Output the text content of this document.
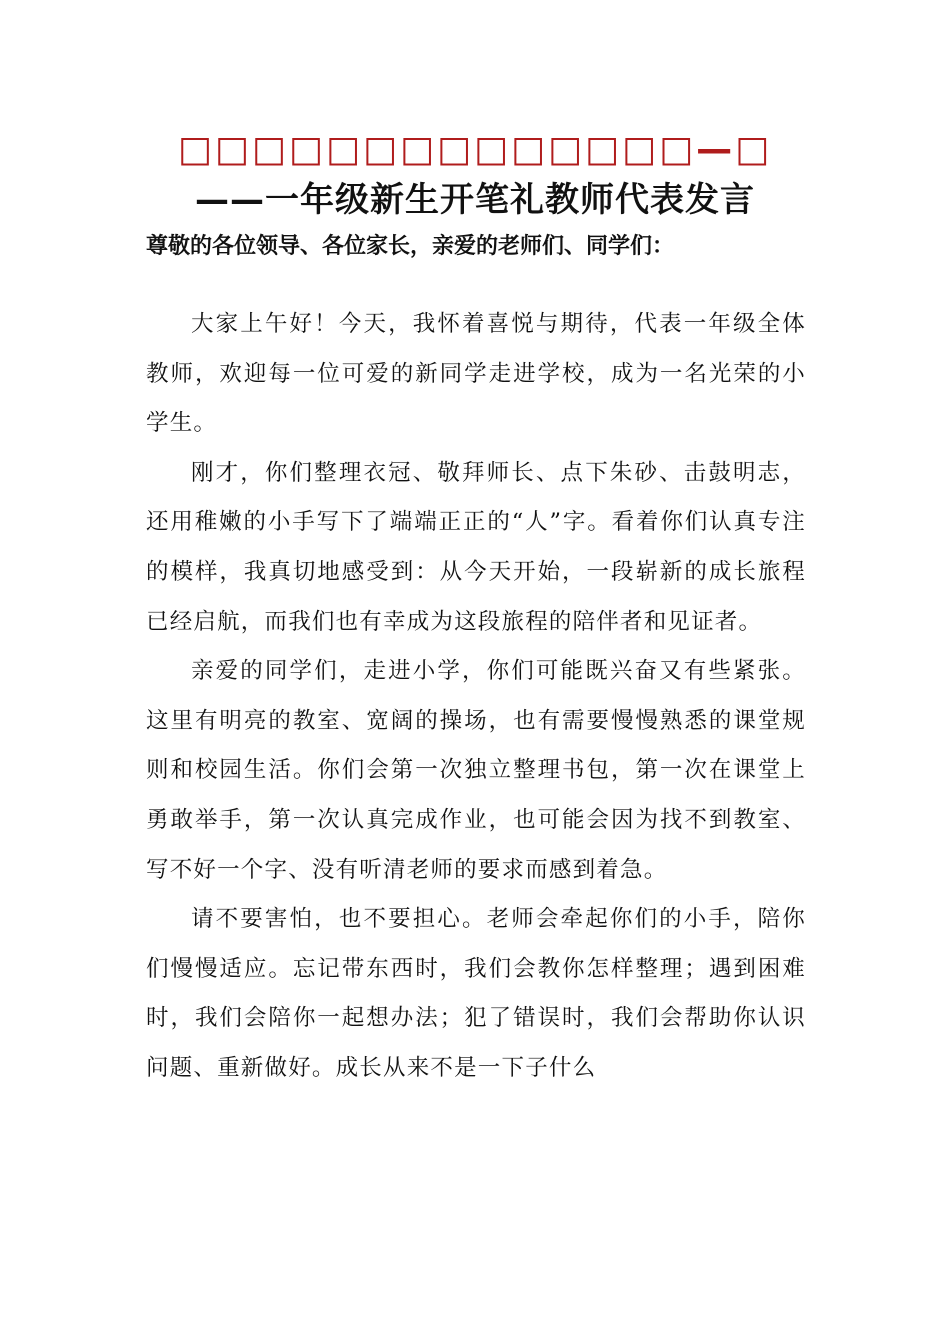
□□□□□□□□□□□□□□—□
——一年级新生开笔礼教师代表发言
尊敬的各位领导、各位家长，亲爱的老师们、同学们：

大家上午好！今天，我怀着喜悦与期待，代表一年级全体教师，欢迎每一位可爱的新同学走进学校，成为一名光荣的小学生。

刚才，你们整理衣冠、敬拜师长、点下朱砂、击鼓明志，还用稚嫩的小手写下了端端正正的“人”字。看着你们认真专注的模样，我真切地感受到：从今天开始，一段崭新的成长旅程已经启航，而我们也有幸成为这段旅程的陪伴者和见证者。

亲爱的同学们，走进小学，你们可能既兴奋又有些紧张。这里有明亮的教室、宽阔的操场，也有需要慢慢熟悉的课堂规则和校园生活。你们会第一次独立整理书包，第一次在课堂上勇敢举手，第一次认真完成作业，也可能会因为找不到教室、写不好一个字、没有听清老师的要求而感到着急。

请不要害怕，也不要担心。老师会牵起你们的小手，陪你们慢慢适应。忘记带东西时，我们会教你怎样整理；遇到困难时，我们会陪你一起想办法；犯了错误时，我们会帮助你认识问题、重新做好。成长从来不是一下子什么
